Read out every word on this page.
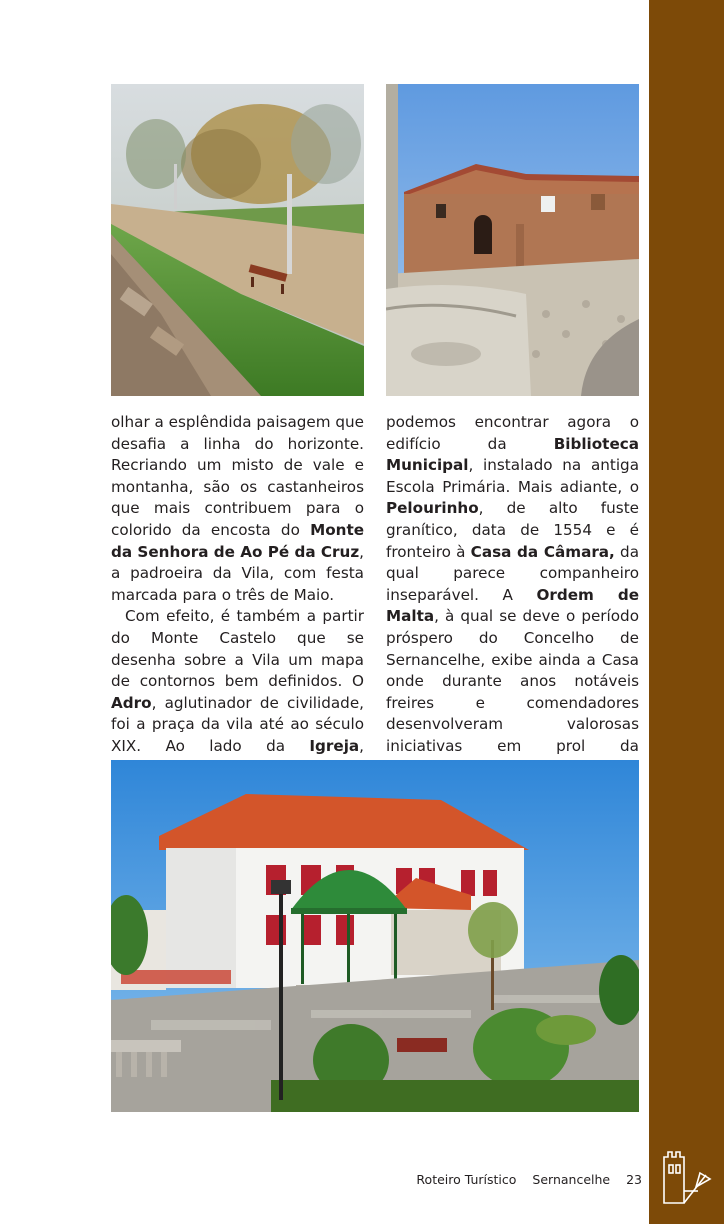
olhar a esplêndida paisagem que desafia a linha do horizonte. Recriando um misto de vale e montanha, são os castanheiros que mais contribuem para o colorido da encosta do Monte da Senhora de Ao Pé da Cruz, a padroeira da Vila, com festa marcada para o três de Maio.

Com efeito, é também a partir do Monte Castelo que se desenha sobre a Vila um mapa de contornos bem definidos. O Adro, aglutinador de civilidade, foi a praça da vila até ao século XIX. Ao lado da Igreja,

podemos encontrar agora o edifício da Biblioteca Municipal, instalado na antiga Escola Primária. Mais adiante, o Pelourinho, de alto fuste granítico, data de 1554 e é fronteiro à Casa da Câmara, da qual parece companheiro inseparável. A Ordem de Malta, à qual se deve o período próspero do Concelho de Sernancelhe, exibe ainda a Casa onde durante anos notáveis freires e comendadores desenvolveram valorosas iniciativas em prol da

Roteiro Turístico Sernancelhe 23
